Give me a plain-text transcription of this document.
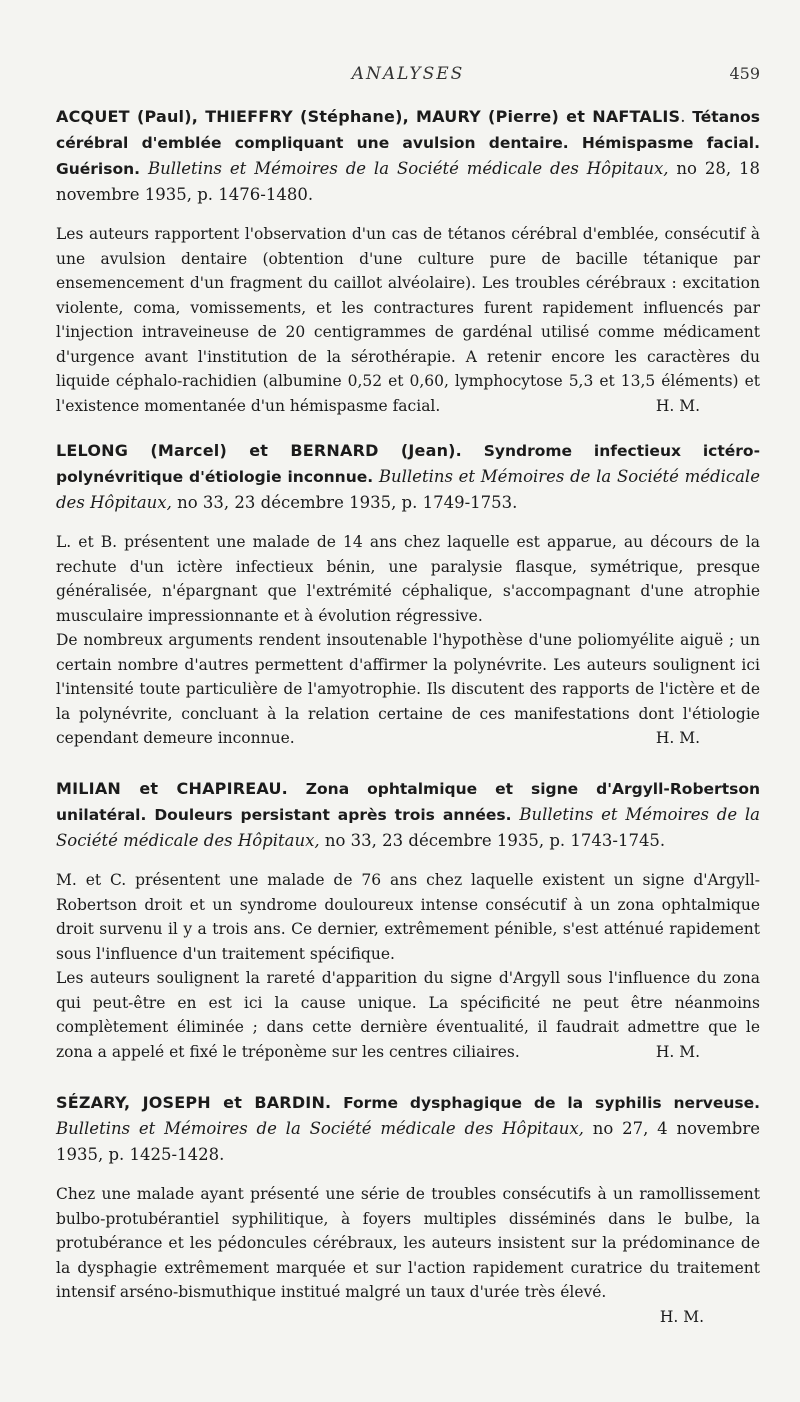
ANALYSES	459

ACQUET (Paul), THIEFFRY (Stéphane), MAURY (Pierre) et NAFTALIS. Tétanos cérébral d'emblée compliquant une avulsion dentaire. Hémispasme facial. Guérison. Bulletins et Mémoires de la Société médicale des Hôpitaux, no 28, 18 novembre 1935, p. 1476-1480.

Les auteurs rapportent l'observation d'un cas de tétanos cérébral d'emblée, consécutif à une avulsion dentaire (obtention d'une culture pure de bacille tétanique par ensemencement d'un fragment du caillot alvéolaire). Les troubles cérébraux : excitation violente, coma, vomissements, et les contractures furent rapidement influencés par l'injection intraveineuse de 20 centigrammes de gardénal utilisé comme médicament d'urgence avant l'institution de la sérothérapie. A retenir encore les caractères du liquide céphalo-rachidien (albumine 0,52 et 0,60, lymphocytose 5,3 et 13,5 éléments) et l'existence momentanée d'un hémispasme facial.	H. M.

LELONG (Marcel) et BERNARD (Jean). Syndrome infectieux ictéro-polynévritique d'étiologie inconnue. Bulletins et Mémoires de la Société médicale des Hôpitaux, no 33, 23 décembre 1935, p. 1749-1753.

L. et B. présentent une malade de 14 ans chez laquelle est apparue, au décours de la rechute d'un ictère infectieux bénin, une paralysie flasque, symétrique, presque généralisée, n'épargnant que l'extrémité céphalique, s'accompagnant d'une atrophie musculaire impressionnante et à évolution régressive.

De nombreux arguments rendent insoutenable l'hypothèse d'une poliomyélite aiguë ; un certain nombre d'autres permettent d'affirmer la polynévrite. Les auteurs soulignent ici l'intensité toute particulière de l'amyotrophie. Ils discutent des rapports de l'ictère et de la polynévrite, concluant à la relation certaine de ces manifestations dont l'étiologie cependant demeure inconnue.	H. M.

MILIAN et CHAPIREAU. Zona ophtalmique et signe d'Argyll-Robertson unilatéral. Douleurs persistant après trois années. Bulletins et Mémoires de la Société médicale des Hôpitaux, no 33, 23 décembre 1935, p. 1743-1745.

M. et C. présentent une malade de 76 ans chez laquelle existent un signe d'Argyll-Robertson droit et un syndrome douloureux intense consécutif à un zona ophtalmique droit survenu il y a trois ans. Ce dernier, extrêmement pénible, s'est atténué rapidement sous l'influence d'un traitement spécifique.

Les auteurs soulignent la rareté d'apparition du signe d'Argyll sous l'influence du zona qui peut-être en est ici la cause unique. La spécificité ne peut être néanmoins complètement éliminée ; dans cette dernière éventualité, il faudrait admettre que le zona a appelé et fixé le tréponème sur les centres ciliaires.	H. M.

SÉZARY, JOSEPH et BARDIN. Forme dysphagique de la syphilis nerveuse. Bulletins et Mémoires de la Société médicale des Hôpitaux, no 27, 4 novembre 1935, p. 1425-1428.

Chez une malade ayant présenté une série de troubles consécutifs à un ramollissement bulbo-protubérantiel syphilitique, à foyers multiples disséminés dans le bulbe, la protubérance et les pédoncules cérébraux, les auteurs insistent sur la prédominance de la dysphagie extrêmement marquée et sur l'action rapidement curatrice du traitement intensif arséno-bismuthique institué malgré un taux d'urée très élevé.

H. M.
